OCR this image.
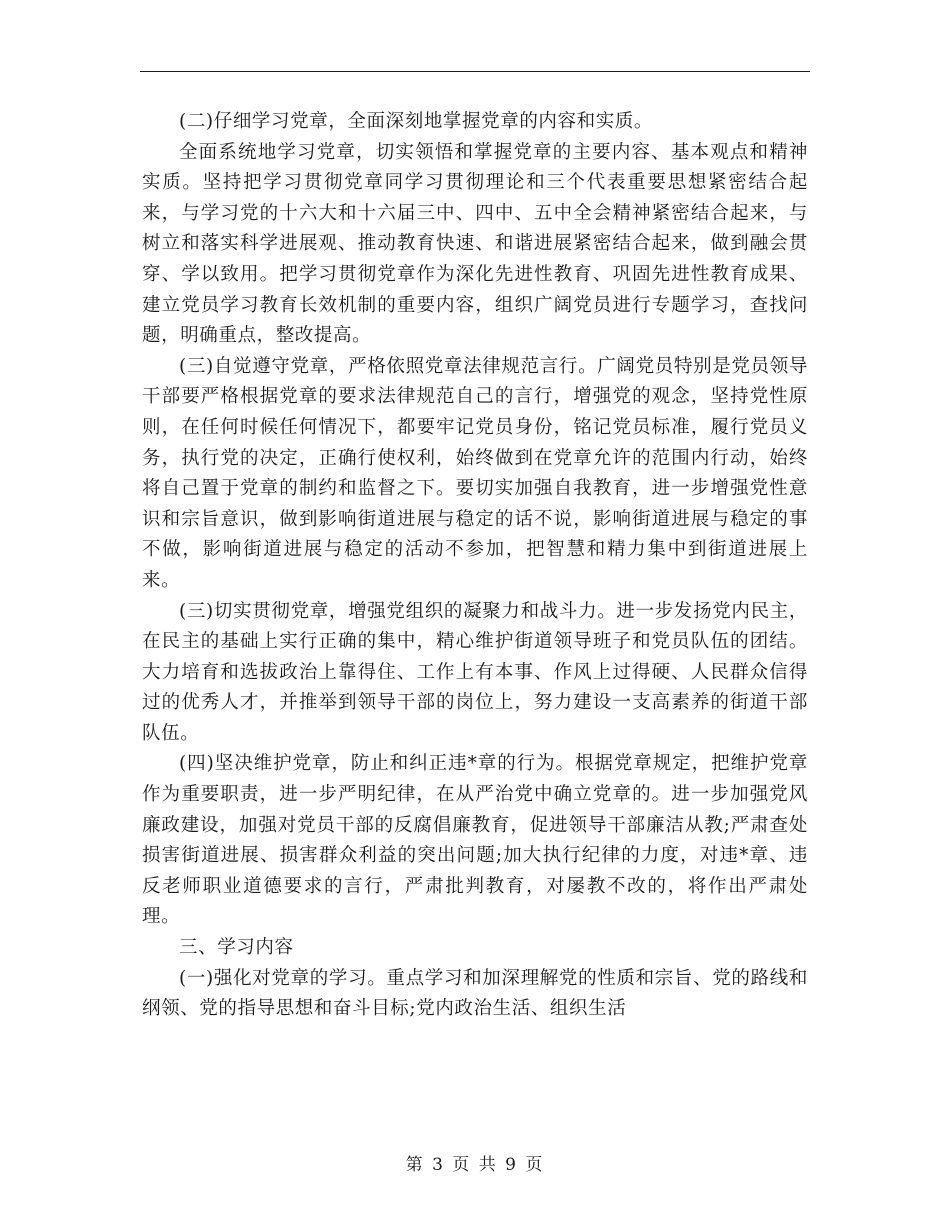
(二)仔细学习党章，全面深刻地掌握党章的内容和实质。

全面系统地学习党章，切实领悟和掌握党章的主要内容、基本观点和精神实质。坚持把学习贯彻党章同学习贯彻理论和三个代表重要思想紧密结合起来，与学习党的十六大和十六届三中、四中、五中全会精神紧密结合起来，与树立和落实科学进展观、推动教育快速、和谐进展紧密结合起来，做到融会贯穿、学以致用。把学习贯彻党章作为深化先进性教育、巩固先进性教育成果、建立党员学习教育长效机制的重要内容，组织广阔党员进行专题学习，查找问题，明确重点，整改提高。

(三)自觉遵守党章，严格依照党章法律规范言行。广阔党员特别是党员领导干部要严格根据党章的要求法律规范自己的言行，增强党的观念，坚持党性原则，在任何时候任何情况下，都要牢记党员身份，铭记党员标准，履行党员义务，执行党的决定，正确行使权利，始终做到在党章允许的范围内行动，始终将自己置于党章的制约和监督之下。要切实加强自我教育，进一步增强党性意识和宗旨意识，做到影响街道进展与稳定的话不说，影响街道进展与稳定的事不做，影响街道进展与稳定的活动不参加，把智慧和精力集中到街道进展上来。

(三)切实贯彻党章，增强党组织的凝聚力和战斗力。进一步发扬党内民主，在民主的基础上实行正确的集中，精心维护街道领导班子和党员队伍的团结。大力培育和选拔政治上靠得住、工作上有本事、作风上过得硬、人民群众信得过的优秀人才，并推举到领导干部的岗位上，努力建设一支高素养的街道干部队伍。

(四)坚决维护党章，防止和纠正违*章的行为。根据党章规定，把维护党章作为重要职责，进一步严明纪律，在从严治党中确立党章的。进一步加强党风廉政建设，加强对党员干部的反腐倡廉教育，促进领导干部廉洁从教;严肃查处损害街道进展、损害群众利益的突出问题;加大执行纪律的力度，对违*章、违反老师职业道德要求的言行，严肃批判教育，对屡教不改的，将作出严肃处理。

三、学习内容

(一)强化对党章的学习。重点学习和加深理解党的性质和宗旨、党的路线和纲领、党的指导思想和奋斗目标;党内政治生活、组织生活

第 3 页 共 9 页
